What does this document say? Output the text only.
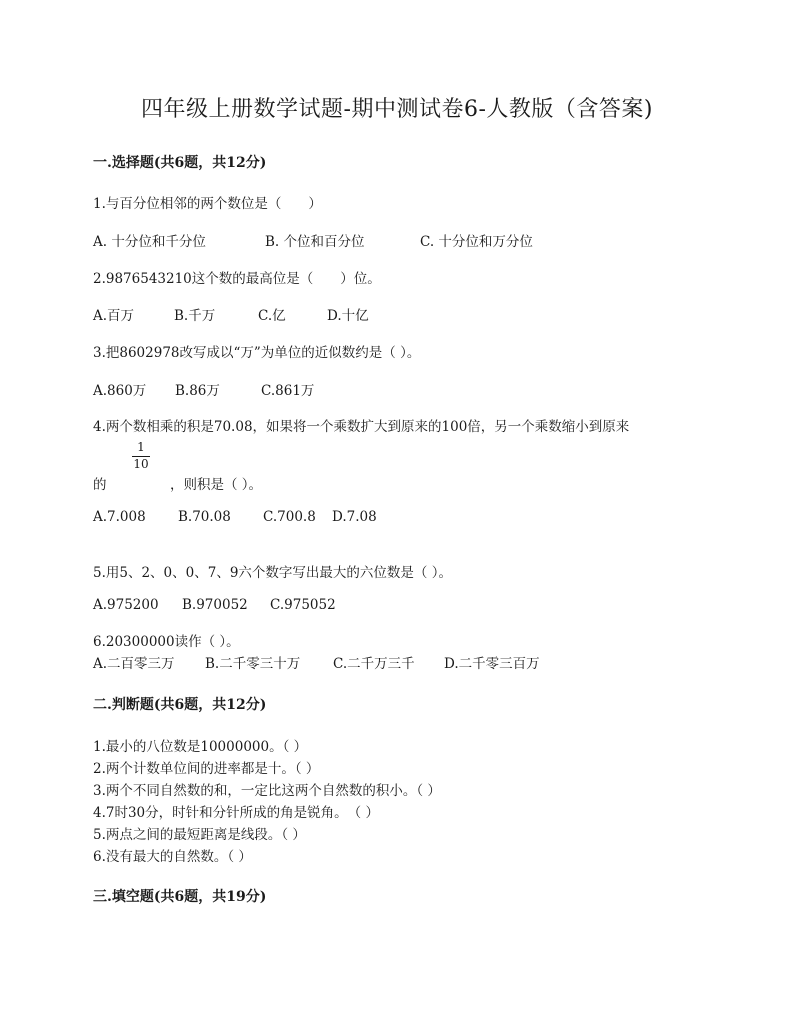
四年级上册数学试题-期中测试卷6-人教版（含答案)
一.选择题(共6题，共12分)
1.与百分位相邻的两个数位是（　　）
A. 十分位和千分位	B. 个位和百分位	C. 十分位和万分位
2.9876543210这个数的最高位是（　　）位。
A.百万	B.千万	C.亿	D.十亿
3.把8602978改写成以“万”为单位的近似数约是（ ）。
A.860万 B.86万	C.861万
4.两个数相乘的积是70.08，如果将一个乘数扩大到原来的100倍，另一个乘数缩小到原来
$\frac{1}{10}$
的	，则积是（ ）。
A.7.008 B.70.08 C.700.8 D.7.08
5.用5、2、0、0、7、9六个数字写出最大的六位数是（ ）。
A.975200 B.970052 C.975052
6.20300000读作（ ）。
A.二百零三万 B.二千零三十万 C.二千万三千 D.二千零三百万
二.判断题(共6题，共12分)
1.最小的八位数是10000000。（ ）
2.两个计数单位间的进率都是十。（ ）
3.两个不同自然数的和，一定比这两个自然数的积小。（ ）
4.7时30分，时针和分针所成的角是锐角。　（ ）
5.两点之间的最短距离是线段。（ ）
6.没有最大的自然数。（ ）
三.填空题(共6题，共19分)
